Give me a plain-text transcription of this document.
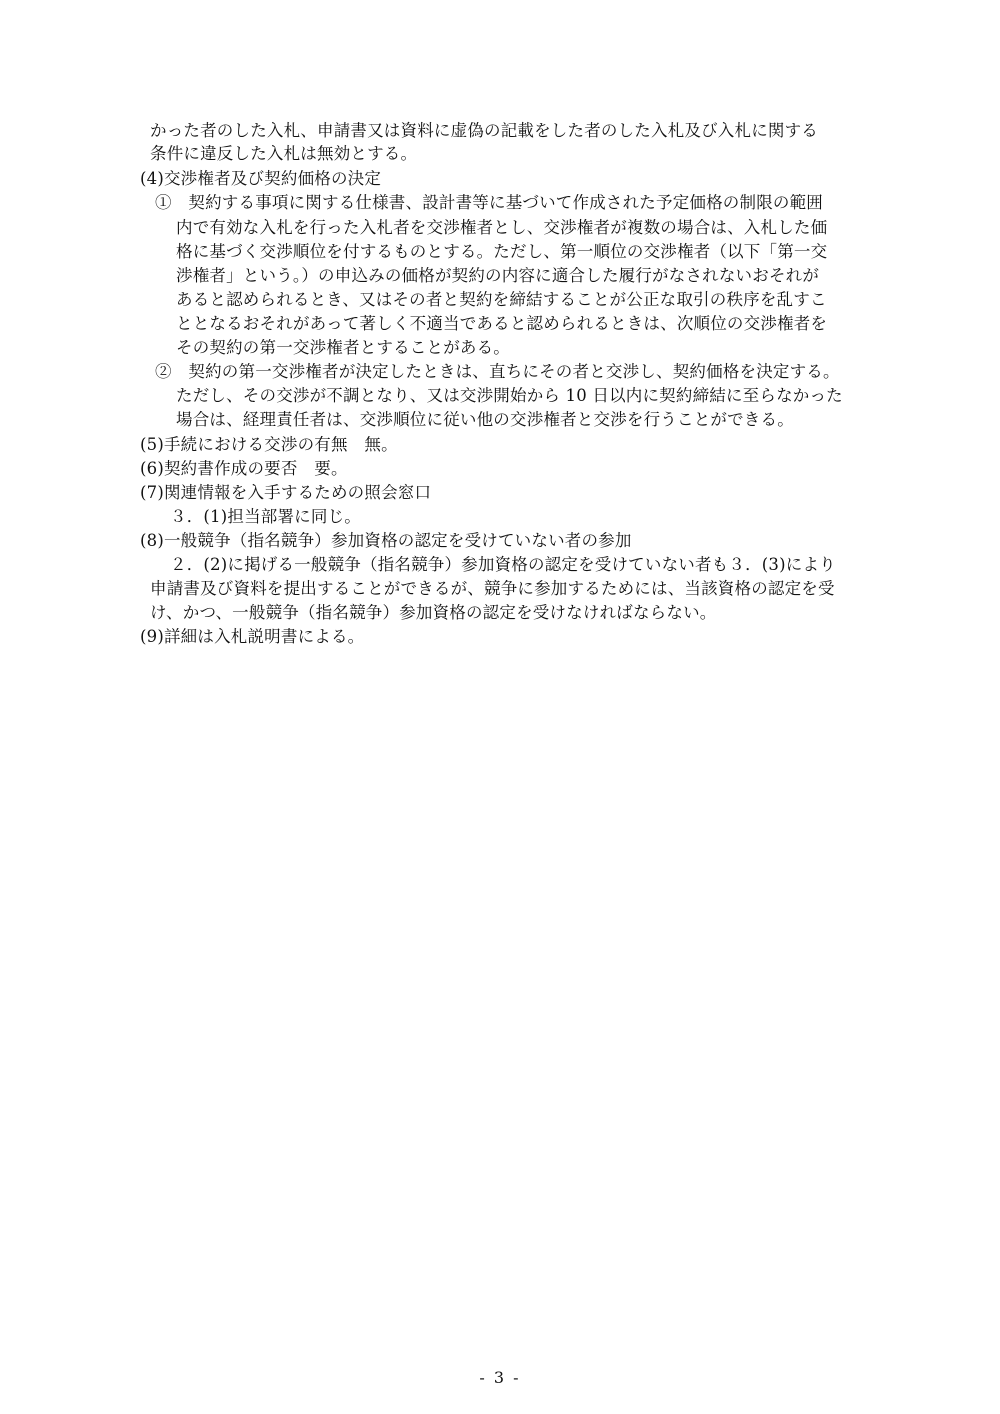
かった者のした入札、申請書又は資料に虚偽の記載をした者のした入札及び入札に関する
条件に違反した入札は無効とする。
(4)交渉権者及び契約価格の決定
①　契約する事項に関する仕様書、設計書等に基づいて作成された予定価格の制限の範囲
内で有効な入札を行った入札者を交渉権者とし、交渉権者が複数の場合は、入札した価
格に基づく交渉順位を付するものとする。ただし、第一順位の交渉権者（以下「第一交
渉権者」という。）の申込みの価格が契約の内容に適合した履行がなされないおそれが
あると認められるとき、又はその者と契約を締結することが公正な取引の秩序を乱すこ
ととなるおそれがあって著しく不適当であると認められるときは、次順位の交渉権者を
その契約の第一交渉権者とすることがある。
②　契約の第一交渉権者が決定したときは、直ちにその者と交渉し、契約価格を決定する。
ただし、その交渉が不調となり、又は交渉開始から 10 日以内に契約締結に至らなかった
場合は、経理責任者は、交渉順位に従い他の交渉権者と交渉を行うことができる。
(5)手続における交渉の有無　無。
(6)契約書作成の要否　要。
(7)関連情報を入手するための照会窓口
３．(1)担当部署に同じ。
(8)一般競争（指名競争）参加資格の認定を受けていない者の参加
２．(2)に掲げる一般競争（指名競争）参加資格の認定を受けていない者も３．(3)により
申請書及び資料を提出することができるが、競争に参加するためには、当該資格の認定を受
け、かつ、一般競争（指名競争）参加資格の認定を受けなければならない。
(9)詳細は入札説明書による。
- 3 -
